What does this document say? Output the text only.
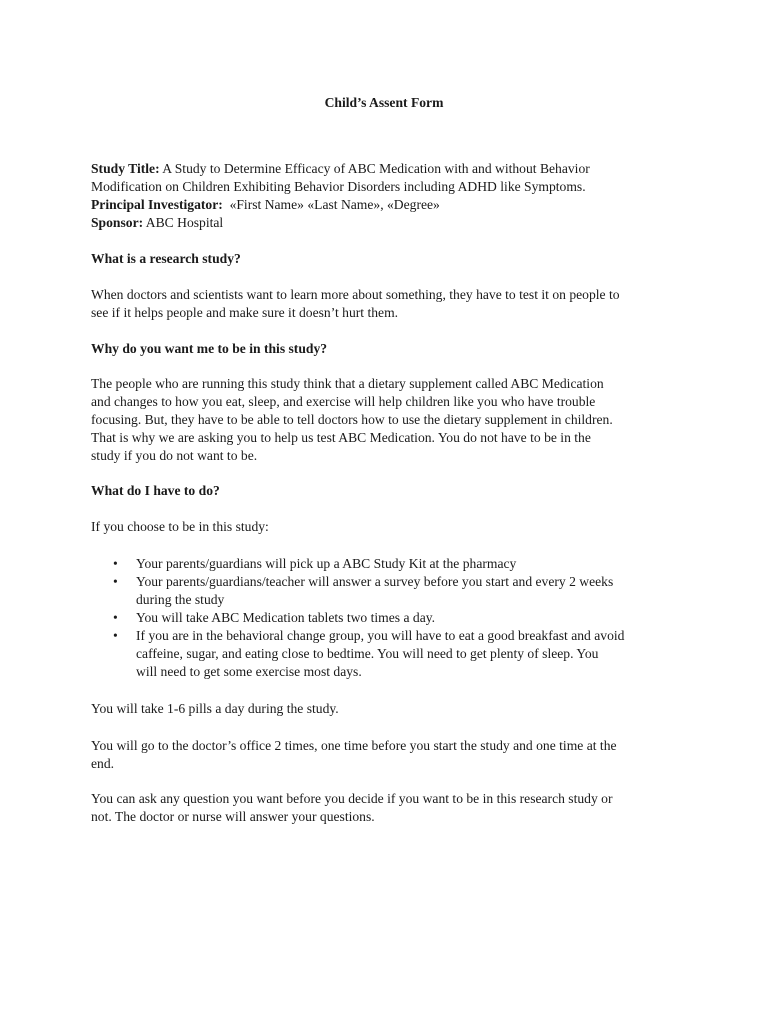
Child’s Assent Form

Study Title: A Study to Determine Efficacy of ABC Medication with and without Behavior

Modification on Children Exhibiting Behavior Disorders including ADHD like Symptoms.

Principal Investigator: «First Name» «Last Name», «Degree»

Sponsor: ABC Hospital

What is a research study?

When doctors and scientists want to learn more about something, they have to test it on people to

see if it helps people and make sure it doesn’t hurt them.

Why do you want me to be in this study?

The people who are running this study think that a dietary supplement called ABC Medication

and changes to how you eat, sleep, and exercise will help children like you who have trouble

focusing. But, they have to be able to tell doctors how to use the dietary supplement in children.

That is why we are asking you to help us test ABC Medication. You do not have to be in the

study if you do not want to be.

What do I have to do?

If you choose to be in this study:

• Your parents/guardians will pick up a ABC Study Kit at the pharmacy
• Your parents/guardians/teacher will answer a survey before you start and every 2 weeks
during the study
• You will take ABC Medication tablets two times a day.
• If you are in the behavioral change group, you will have to eat a good breakfast and avoid
caffeine, sugar, and eating close to bedtime. You will need to get plenty of sleep. You
will need to get some exercise most days.

You will take 1-6 pills a day during the study.

You will go to the doctor’s office 2 times, one time before you start the study and one time at the

end.

You can ask any question you want before you decide if you want to be in this research study or

not. The doctor or nurse will answer your questions.
